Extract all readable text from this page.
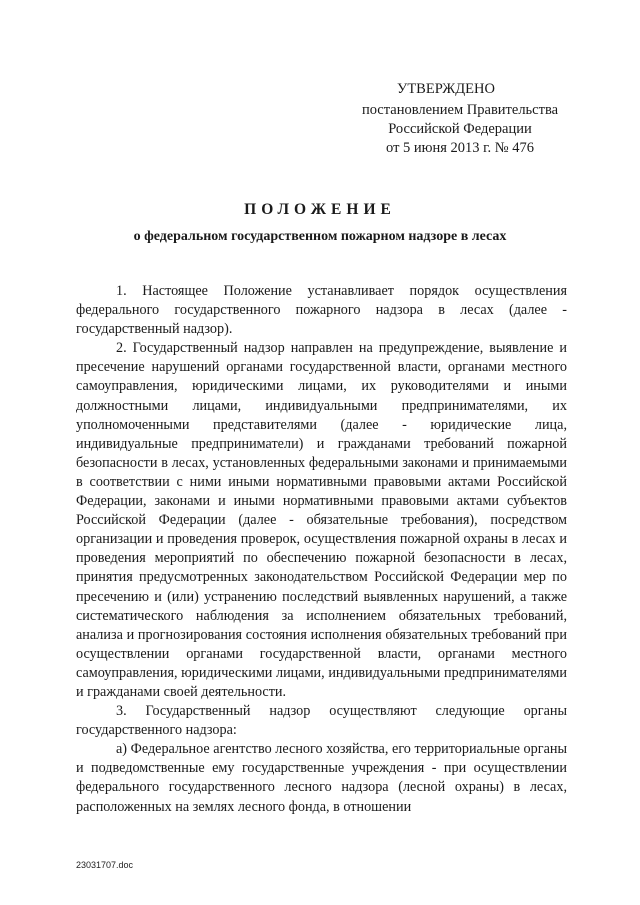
УТВЕРЖДЕНО
постановлением Правительства
Российской Федерации
от 5 июня 2013 г. № 476
ПОЛОЖЕНИЕ
о федеральном государственном пожарном надзоре в лесах

1. Настоящее Положение устанавливает порядок осуществления федерального государственного пожарного надзора в лесах (далее - государственный надзор).

2. Государственный надзор направлен на предупреждение, выявление и пресечение нарушений органами государственной власти, органами местного самоуправления, юридическими лицами, их руководителями и иными должностными лицами, индивидуальными предпринимателями, их уполномоченными представителями (далее - юридические лица, индивидуальные предприниматели) и гражданами требований пожарной безопасности в лесах, установленных федеральными законами и принимаемыми в соответствии с ними иными нормативными правовыми актами Российской Федерации, законами и иными нормативными правовыми актами субъектов Российской Федерации (далее - обязательные требования), посредством организации и проведения проверок, осуществления пожарной охраны в лесах и проведения мероприятий по обеспечению пожарной безопасности в лесах, принятия предусмотренных законодательством Российской Федерации мер по пресечению и (или) устранению последствий выявленных нарушений, а также систематического наблюдения за исполнением обязательных требований, анализа и прогнозирования состояния исполнения обязательных требований при осуществлении органами государственной власти, органами местного самоуправления, юридическими лицами, индивидуальными предпринимателями и гражданами своей деятельности.

3. Государственный надзор осуществляют следующие органы государственного надзора:

а) Федеральное агентство лесного хозяйства, его территориальные органы и подведомственные ему государственные учреждения - при осуществлении федерального государственного лесного надзора (лесной охраны) в лесах, расположенных на землях лесного фонда, в отношении

23031707.doc
